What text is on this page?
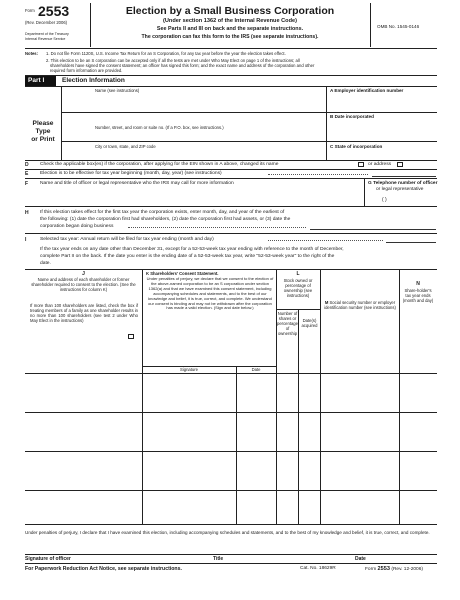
Form 2553
(Rev. December 2006)
Department of the Treasury
Internal Revenue Service
Election by a Small Business Corporation
(Under section 1362 of the Internal Revenue Code)
See Parts II and III on back and the separate instructions.
The corporation can fax this form to the IRS (see separate instructions).
OMB No. 1545-0146
Notes: 1. Do not file Form 1120S, U.S. Income Tax Return for an S Corporation, for any tax year before the year the election takes effect.
2. This election to be an S corporation can be accepted only if all the tests are met under Who May Elect on page 1 of the instructions; all
shareholders have signed the consent statement; an officer has signed this form; and the exact name and address of the corporation and other
required form information are provided.
Part I	Election Information
Please
Type
or Print
Name (see instructions)	A Employer identification number
Number, street, and room or suite no. (If a P.O. box, see instructions.)
B Date incorporated
City or town, state, and ZIP code	C State of incorporation
D Check the applicable box(es) if the corporation, after applying for the EIN shown in A above, changed its name	or address
E Election is to be effective for tax year beginning (month, day, year) (see instructions)
F Name and title of officer or legal representative who the IRS may call for more information	G Telephone number of officer
or legal representative
( )
H If this election takes effect for the first tax year the corporation exists, enter month, day, and year of the earliest of
the following: (1) date the corporation first had shareholders, (2) date the corporation first had assets, or (3) date the
corporation began doing business
I	Selected tax year: Annual return will be filed for tax year ending (month and day)
If the tax year ends on any date other than December 31, except for a 52-53-week tax year ending with reference to the month of December,
complete Part II on the back. If the date you enter is the ending date of a 52-53-week tax year, write "52-53-week year" to the right of the
date.
J
Name and address of each shareholder or former shareholder required to consent to the election. (See the instructions for column K)
If more than 100 shareholders are listed, check the box if treating members of a family as one shareholder results in no more than 100 shareholders (see test 2 under Who May Elect in the instructions)
K Shareholders' Consent Statement.
Under penalties of perjury, we declare that we consent to the election of the above-named corporation to be an S corporation under section 1362(a) and that we have examined this consent statement, including accompanying schedules and statements, and to the best of our knowledge and belief, it is true, correct, and complete. We understand our consent is binding and may not be withdrawn after the corporation has made a valid election. (Sign and date below.)
Signature	Date
L
Stock owned or percentage of ownership (see instructions)
Number of shares or percentage of ownership
Date(s) acquired
M Social security number or employer identification number (see instructions)
N
Share-holder's tax year ends (month and day)
Under penalties of perjury, I declare that I have examined this election, including accompanying schedules and statements, and to the best of my knowledge and belief, it is true, correct, and complete.
Signature of officer	Title	Date
For Paperwork Reduction Act Notice, see separate instructions.	Cat. No. 18629R	Form 2553 (Rev. 12-2006)
